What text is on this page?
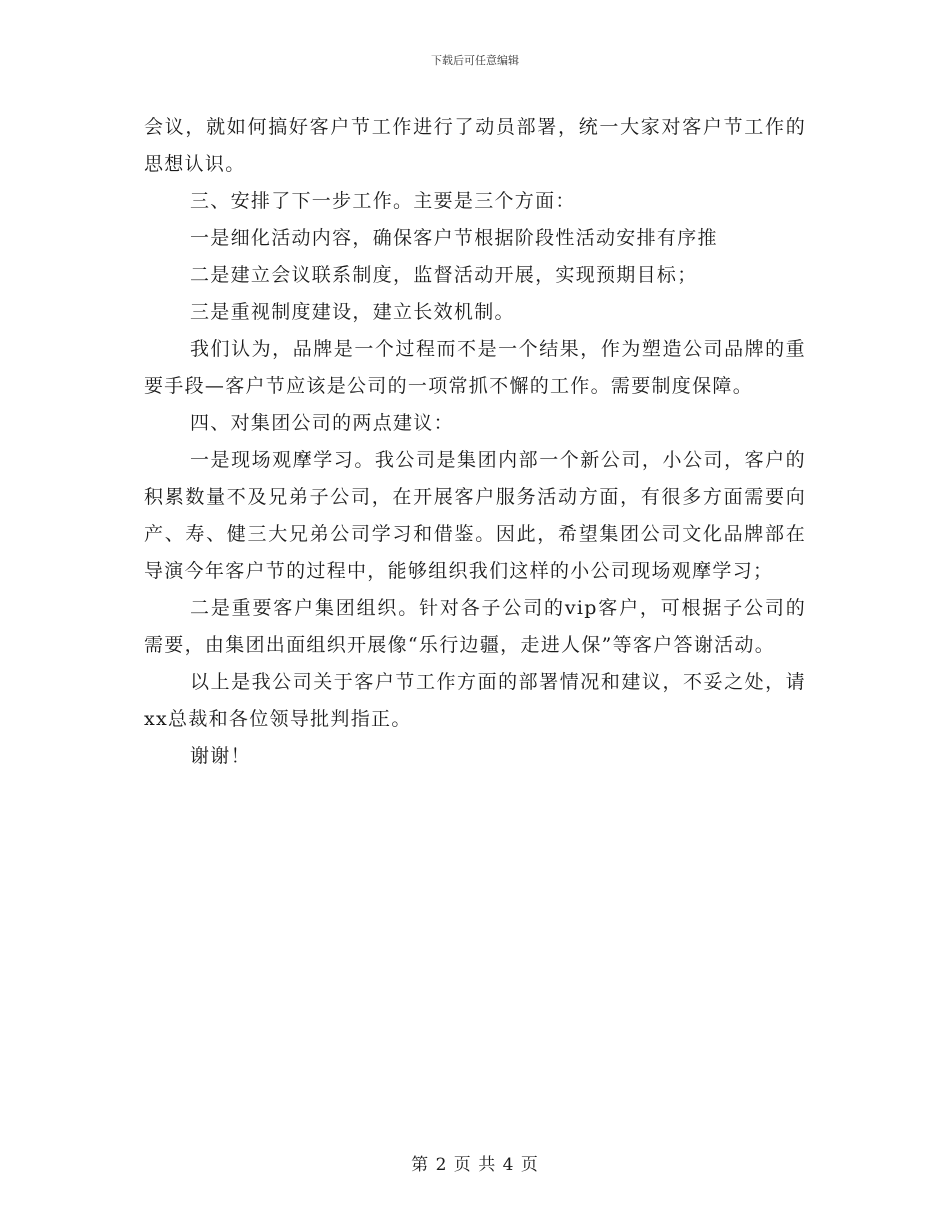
下载后可任意编辑

会议，就如何搞好客户节工作进行了动员部署，统一大家对客户节工作的思想认识。

三、安排了下一步工作。主要是三个方面：

一是细化活动内容，确保客户节根据阶段性活动安排有序推

二是建立会议联系制度，监督活动开展，实现预期目标；

三是重视制度建设，建立长效机制。

我们认为，品牌是一个过程而不是一个结果，作为塑造公司品牌的重要手段—客户节应该是公司的一项常抓不懈的工作。需要制度保障。

四、对集团公司的两点建议：

一是现场观摩学习。我公司是集团内部一个新公司，小公司，客户的积累数量不及兄弟子公司，在开展客户服务活动方面，有很多方面需要向产、寿、健三大兄弟公司学习和借鉴。因此，希望集团公司文化品牌部在导演今年客户节的过程中，能够组织我们这样的小公司现场观摩学习；

二是重要客户集团组织。针对各子公司的vip客户，可根据子公司的需要，由集团出面组织开展像“乐行边疆，走进人保”等客户答谢活动。

以上是我公司关于客户节工作方面的部署情况和建议，不妥之处，请xx总裁和各位领导批判指正。

谢谢！

第 2 页 共 4 页
